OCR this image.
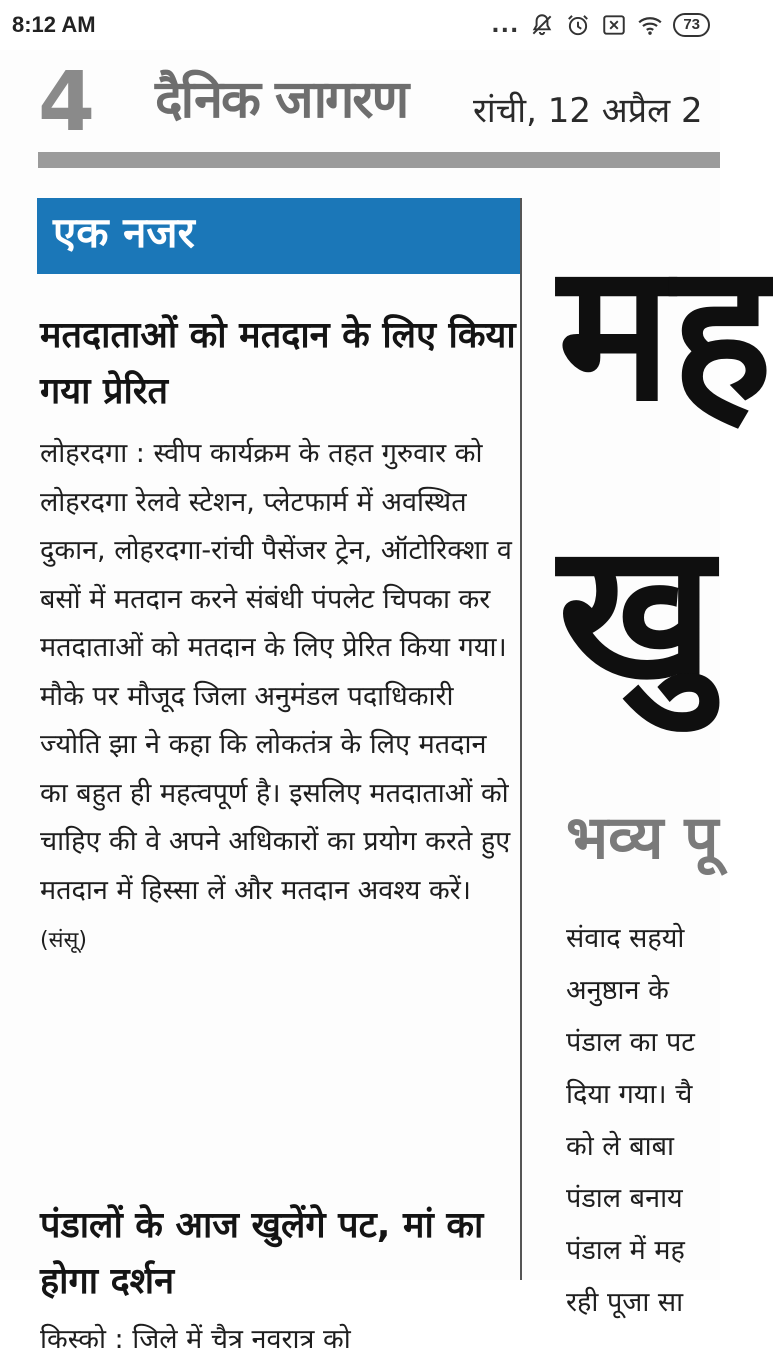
8:12 AM	...	73
4 दैनिक जागरण रांची, 12 अप्रैल 2
एक नजर
मतदाताओं को मतदान के लिए किया गया प्रेरित
लोहरदगा : स्वीप कार्यक्रम के तहत गुरुवार को लोहरदगा रेलवे स्टेशन, प्लेटफार्म में अवस्थित दुकान, लोहरदगा-रांची पैसेंजर ट्रेन, ऑटोरिक्शा व बसों में मतदान करने संबंधी पंपलेट चिपका कर मतदाताओं को मतदान के लिए प्रेरित किया गया। मौके पर मौजूद जिला अनुमंडल पदाधिकारी ज्योति झा ने कहा कि लोकतंत्र के लिए मतदान का बहुत ही महत्वपूर्ण है। इसलिए मतदाताओं को चाहिए की वे अपने अधिकारों का प्रयोग करते हुए मतदान में हिस्सा लें और मतदान अवश्य करें।(संसू)
पंडालों के आज खुलेंगे पट, मां का होगा दर्शन
किस्को : जिले में चैत्र नवरात्र को
मह
खु
भव्य पू
संवाद सहयो
अनुष्ठान के
पंडाल का पट
दिया गया। चै
को ले बाबा
पंडाल बनाय
पंडाल में मह
रही पूजा सा
